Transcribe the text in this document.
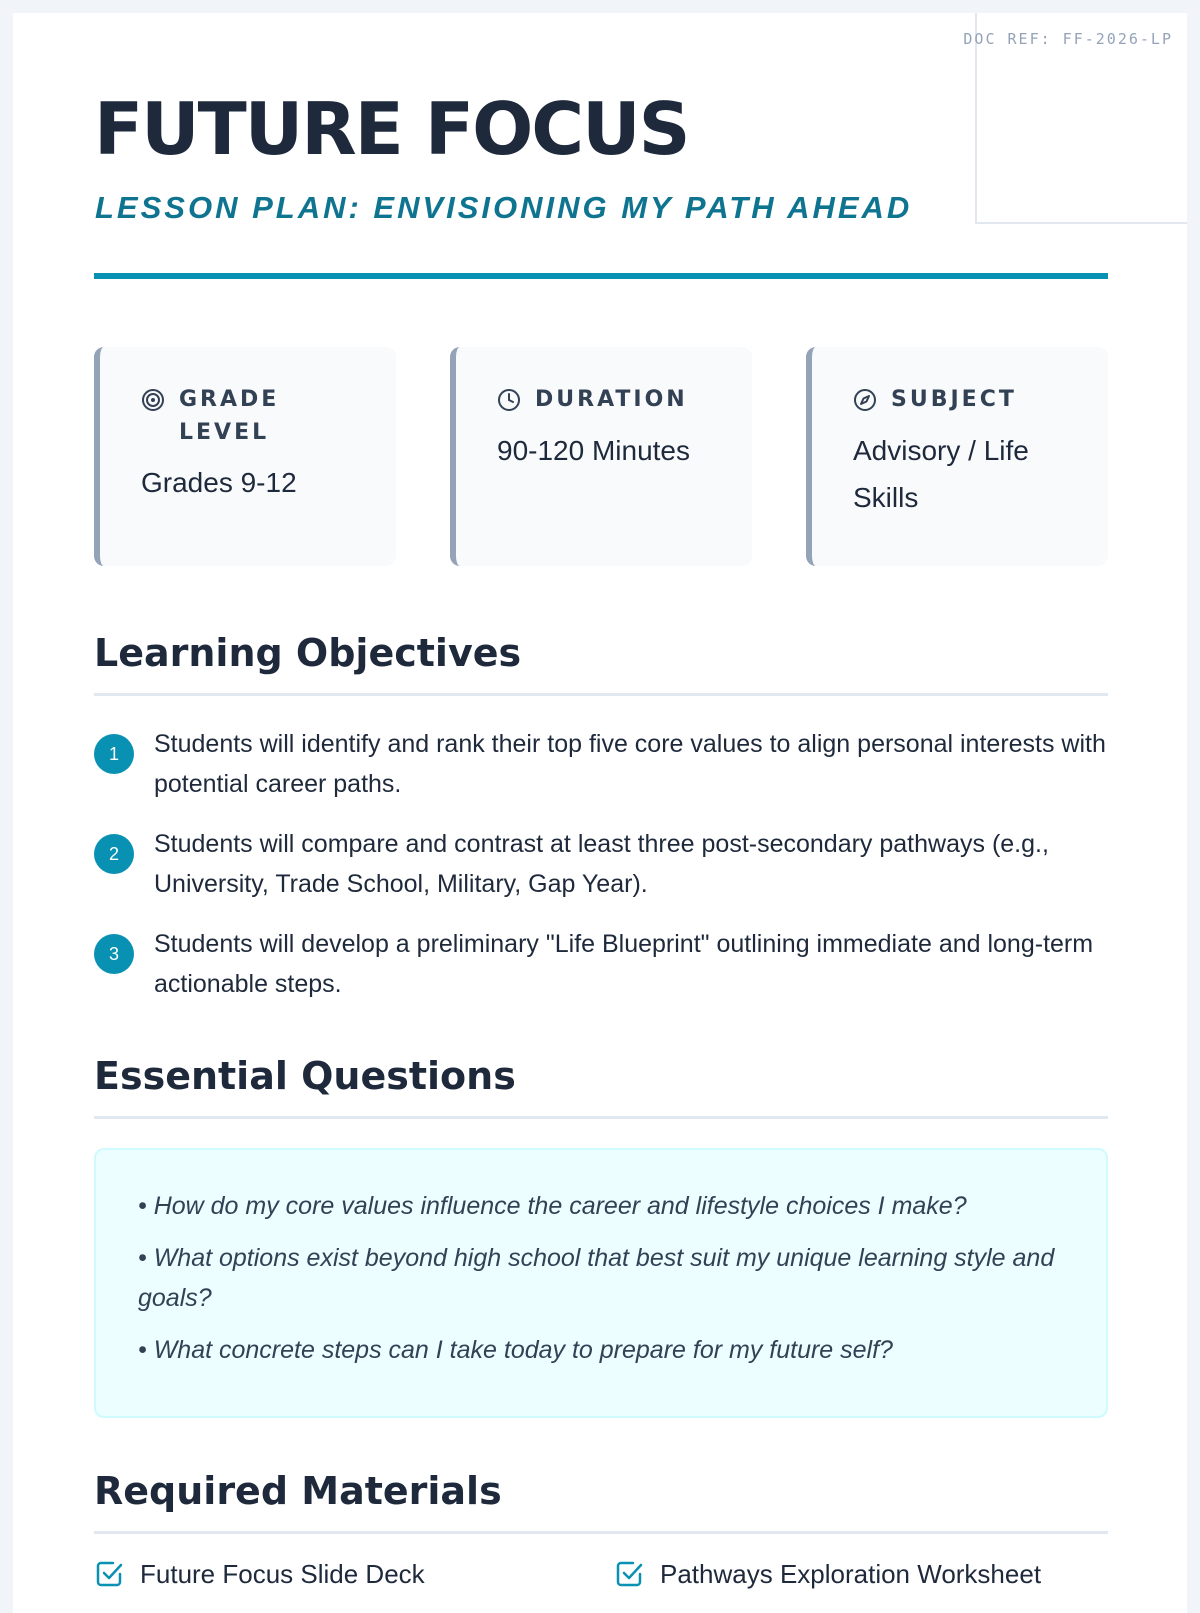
DOC REF: FF-2026-LP

FUTURE FOCUS
LESSON PLAN: ENVISIONING MY PATH AHEAD

GRADE LEVEL

Grades 9-12

DURATION

90-120 Minutes

SUBJECT

Advisory / Life Skills

Learning Objectives
1	Students will identify and rank their top five core values to align personal interests with potential career paths.

2	Students will compare and contrast at least three post-secondary pathways (e.g., University, Trade School, Military, Gap Year).

3	Students will develop a preliminary "Life Blueprint" outlining immediate and long-term actionable steps.

Essential Questions

• How do my core values influence the career and lifestyle choices I make?

• What options exist beyond high school that best suit my unique learning style and goals?

• What concrete steps can I take today to prepare for my future self?

Required Materials

Future Focus Slide Deck	Pathways Exploration Worksheet
